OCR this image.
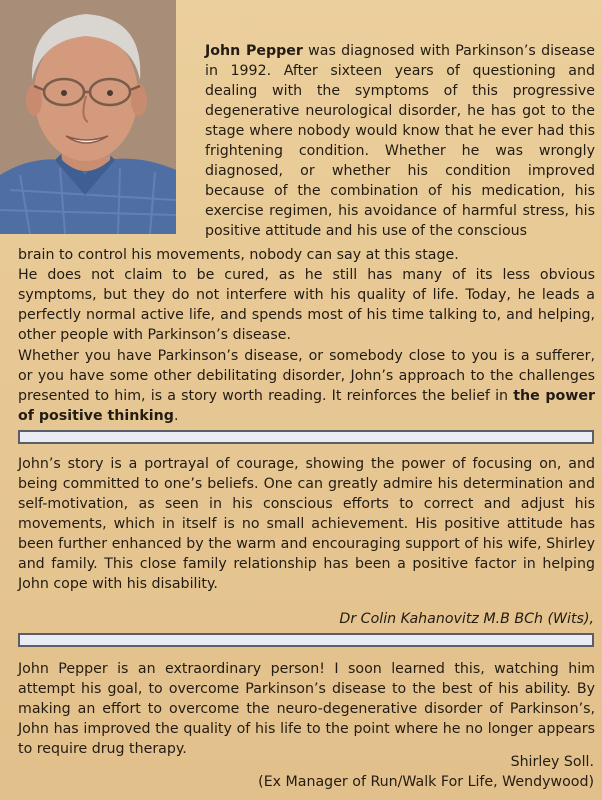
John Pepper was diagnosed with Parkinson’s disease in 1992. After sixteen years of questioning and dealing with the symptoms of this progressive degenerative neurological disorder, he has got to the stage where nobody would know that he ever had this frightening condition. Whether he was wrongly diagnosed, or whether his condition improved because of the combination of his medication, his exercise regimen, his avoidance of harmful stress, his positive attitude and his use of the conscious

brain to control his movements, nobody can say at this stage.

He does not claim to be cured, as he still has many of its less obvious symptoms, but they do not interfere with his quality of life. Today, he leads a perfectly normal active life, and spends most of his time talking to, and helping, other people with Parkinson’s disease.

Whether you have Parkinson’s disease, or somebody close to you is a sufferer, or you have some other debilitating disorder, John’s approach to the challenges presented to him, is a story worth reading. It reinforces the belief in the power of positive thinking.

John’s story is a portrayal of courage, showing the power of focusing on, and being committed to one’s beliefs. One can greatly admire his determination and self-motivation, as seen in his conscious efforts to correct and adjust his movements, which in itself is no small achievement. His positive attitude has been further enhanced by the warm and encouraging support of his wife, Shirley and family. This close family relationship has been a positive factor in helping John cope with his disability.

Dr Colin Kahanovitz M.B BCh (Wits),

John Pepper is an extraordinary person! I soon learned this, watching him attempt his goal, to overcome Parkinson’s disease to the best of his ability. By making an effort to overcome the neuro-degenerative disorder of Parkinson’s, John has improved the quality of his life to the point where he no longer appears to require drug therapy.

Shirley Soll.
(Ex Manager of Run/Walk For Life, Wendywood)
